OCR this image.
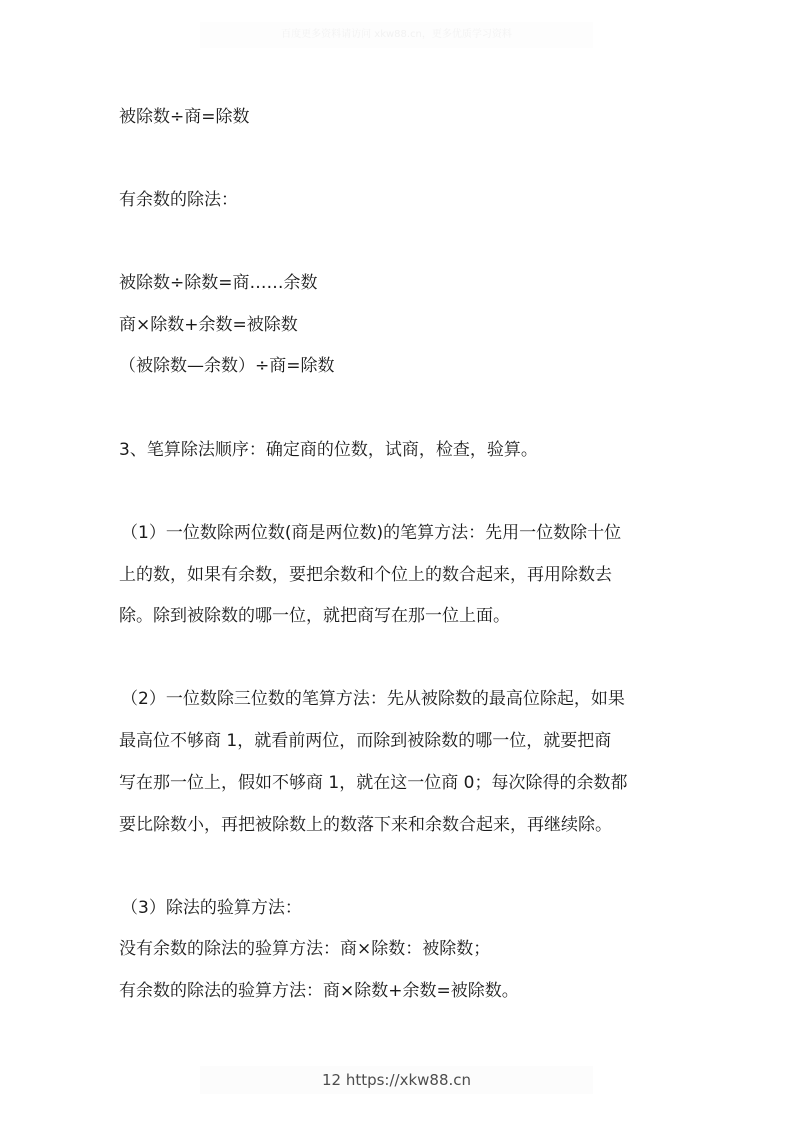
百度更多资料请访问 xkw88.cn，更多优质学习资料
被除数÷商=除数
有余数的除法：
被除数÷除数=商……余数
商×除数+余数=被除数
（被除数—余数）÷商=除数
3、笔算除法顺序：确定商的位数，试商，检查，验算。
（1）一位数除两位数(商是两位数)的笔算方法：先用一位数除十位
上的数，如果有余数，要把余数和个位上的数合起来，再用除数去
除。除到被除数的哪一位，就把商写在那一位上面。
（2）一位数除三位数的笔算方法：先从被除数的最高位除起，如果
最高位不够商 1，就看前两位，而除到被除数的哪一位，就要把商
写在那一位上，假如不够商 1，就在这一位商 0；每次除得的余数都
要比除数小，再把被除数上的数落下来和余数合起来，再继续除。
（3）除法的验算方法：
没有余数的除法的验算方法：商×除数：被除数；
有余数的除法的验算方法：商×除数+余数=被除数。
12 https://xkw88.cn
